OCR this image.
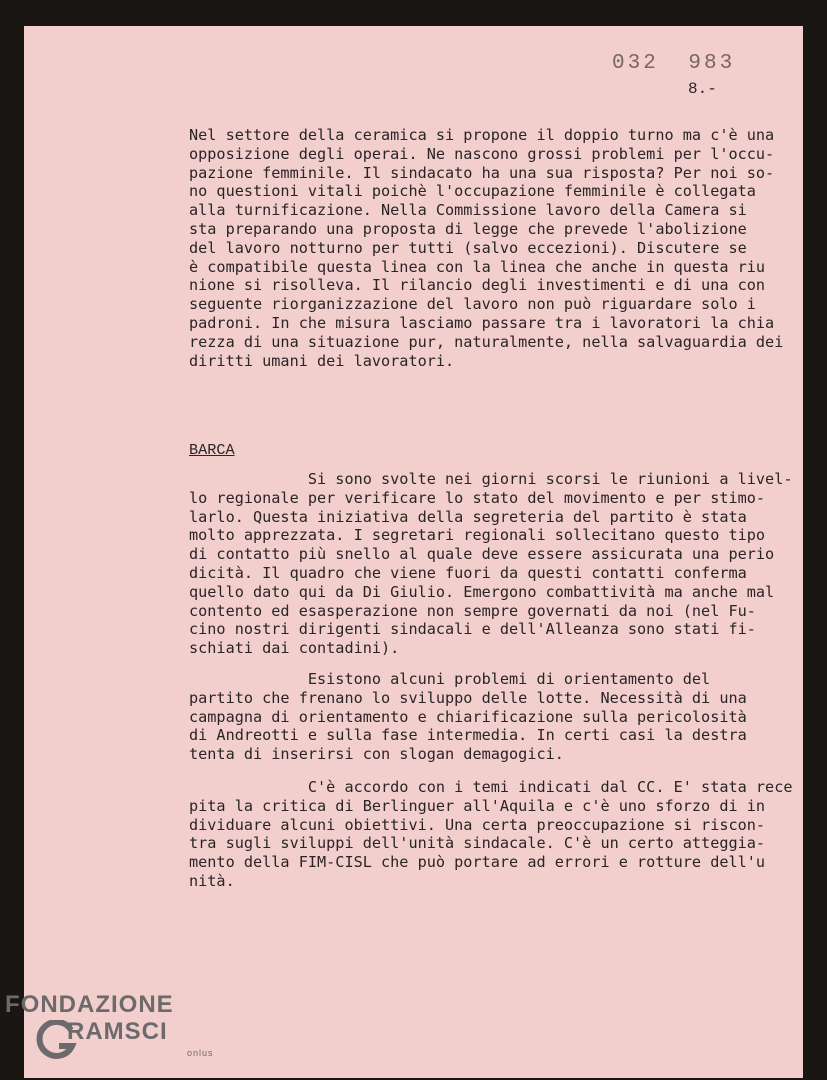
032 983
8.-
Nel settore della ceramica si propone il doppio turno ma c'è una
opposizione degli operai. Ne nascono grossi problemi per l'occu-
pazione femminile. Il sindacato ha una sua risposta? Per noi so-
no questioni vitali poichè l'occupazione femminile è collegata
alla turnificazione. Nella Commissione lavoro della Camera si
sta preparando una proposta di legge che prevede l'abolizione
del lavoro notturno per tutti (salvo eccezioni). Discutere se
è compatibile questa linea con la linea che anche in questa riu
nione si risolleva. Il rilancio degli investimenti e di una con
seguente riorganizzazione del lavoro non può riguardare solo i
padroni. In che misura lasciamo passare tra i lavoratori la chia
rezza di una situazione pur, naturalmente, nella salvaguardia dei
diritti umani dei lavoratori.
BARCA
Si sono svolte nei giorni scorsi le riunioni a livel-
lo regionale per verificare lo stato del movimento e per stimo-
larlo. Questa iniziativa della segreteria del partito è stata
molto apprezzata. I segretari regionali sollecitano questo tipo
di contatto più snello al quale deve essere assicurata una perio
dicità. Il quadro che viene fuori da questi contatti conferma
quello dato qui da Di Giulio. Emergono combattività ma anche mal
contento ed esasperazione non sempre governati da noi (nel Fu-
cino nostri dirigenti sindacali e dell'Alleanza sono stati fi-
schiati dai contadini).
Esistono alcuni problemi di orientamento del
partito che frenano lo sviluppo delle lotte. Necessità di una
campagna di orientamento e chiarificazione sulla pericolosità
di Andreotti e sulla fase intermedia. In certi casi la destra
tenta di inserirsi con slogan demagogici.
C'è accordo con i temi indicati dal CC. E' stata rece
pita la critica di Berlinguer all'Aquila e c'è uno sforzo di in
dividuare alcuni obiettivi. Una certa preoccupazione si riscon-
tra sugli sviluppi dell'unità sindacale. C'è un certo atteggia-
mento della FIM-CISL che può portare ad errori e rotture dell'u
nità.
FONDAZIONE
RAMSCI
onlus
